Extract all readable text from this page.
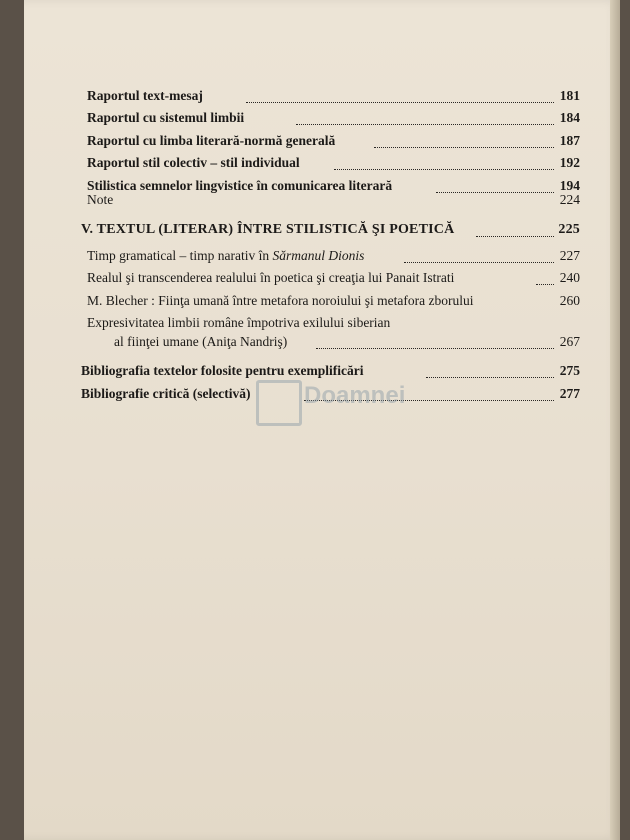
Raportul text-mesaj	181
Raportul cu sistemul limbii	184
Raportul cu limba literară-normă generală	187
Raportul stil colectiv – stil individual	192
Stilistica semnelor lingvistice în comunicarea literară	194
Note	224
V. TEXTUL (LITERAR) ÎNTRE STILISTICĂ ŞI POETICĂ	225
Timp gramatical – timp narativ în Sărmanul Dionis	227
Realul şi transcenderea realului în poetica şi creaţia lui Panait Istrati	240
M. Blecher : Fiinţa umană între metafora noroiului şi metafora zborului	260
Expresivitatea limbii române împotriva exilului siberian
al fiinţei umane (Aniţa Nandriş)	267
Bibliografia textelor folosite pentru exemplificări	275
Bibliografie critică (selectivă)	277
Doamnei
